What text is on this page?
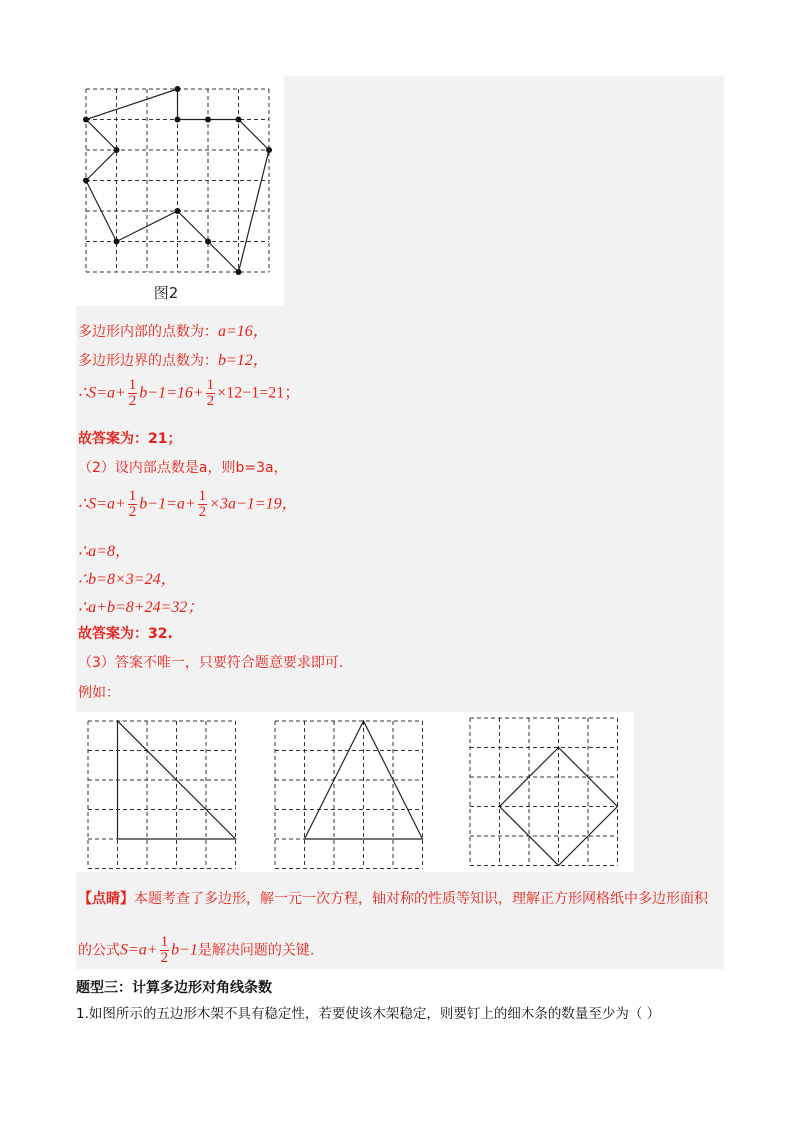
图2
多边形内部的点数为：a=16，
多边形边界的点数为：b=12，
∴S=a+ $\frac{1}{2} b-1=16+ \frac{1}{2} \times 12-1=21$；
故答案为：21；
（2）设内部点数是a，则b=3a，
∴S=a+ $\frac{1}{2} b-1=a+ \frac{1}{2} \times 3a-1=19$，
∴a=8，
∴b=8×3=24，
∴a+b=8+24=32；
故答案为：32.
（3）答案不唯一，只要符合题意要求即可.
例如：
【点睛】本题考查了多边形，解一元一次方程，轴对称的性质等知识，理解正方形网格纸中多边形面积
的公式$S=a+ \frac{1}{2} b-1$是解决问题的关键.
题型三：计算多边形对角线条数
1.如图所示的五边形木架不具有稳定性，若要使该木架稳定，则要钉上的细木条的数量至少为（ ）
